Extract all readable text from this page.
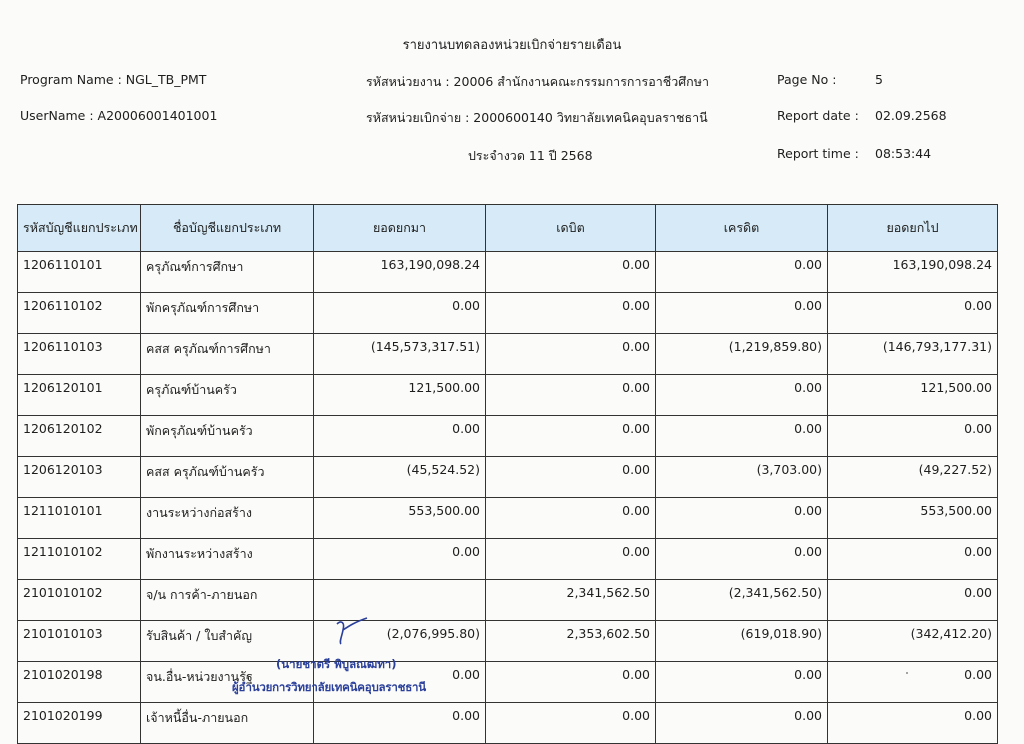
รายงานบทดลองหน่วยเบิกจ่ายรายเดือน
Program Name : NGL_TB_PMT
UserName : A20006001401001
รหัสหน่วยงาน : 20006 สำนักงานคณะกรรมการการอาชีวศึกษา
รหัสหน่วยเบิกจ่าย : 2000600140 วิทยาลัยเทคนิคอุบลราชธานี
ประจำงวด 11 ปี 2568
Page No :	5
Report date : 02.09.2568
Report time : 08:53:44
รหัสบัญชีแยกประเภท	ชื่อบัญชีแยกประเภท	ยอดยกมา	เดบิต	เครดิต	ยอดยกไป
1206110101	ครุภัณฑ์การศึกษา	163,190,098.24	0.00	0.00	163,190,098.24
1206110102	พักครุภัณฑ์การศึกษา	0.00	0.00	0.00	0.00
1206110103	คสส ครุภัณฑ์การศึกษา	(145,573,317.51)	0.00	(1,219,859.80)	(146,793,177.31)
1206120101	ครุภัณฑ์บ้านครัว	121,500.00	0.00	0.00	121,500.00
1206120102	พักครุภัณฑ์บ้านครัว	0.00	0.00	0.00	0.00
1206120103	คสส ครุภัณฑ์บ้านครัว	(45,524.52)	0.00	(3,703.00)	(49,227.52)
1211010101	งานระหว่างก่อสร้าง	553,500.00	0.00	0.00	553,500.00
1211010102	พักงานระหว่างสร้าง	0.00	0.00	0.00	0.00
2101010102	จ/น การค้า-ภายนอก		2,341,562.50	(2,341,562.50)	0.00
2101010103	รับสินค้า / ใบสำคัญ	(2,076,995.80)	2,353,602.50	(619,018.90)	(342,412.20)
2101020198	จน.อื่น-หน่วยงานรัฐ	0.00	0.00	0.00	0.00
2101020199	เจ้าหนี้อื่น-ภายนอก	0.00	0.00	0.00	0.00
(นายชาตรี พิบูลณฒทา)
ผู้อำนวยการวิทยาลัยเทคนิคอุบลราชธานี
